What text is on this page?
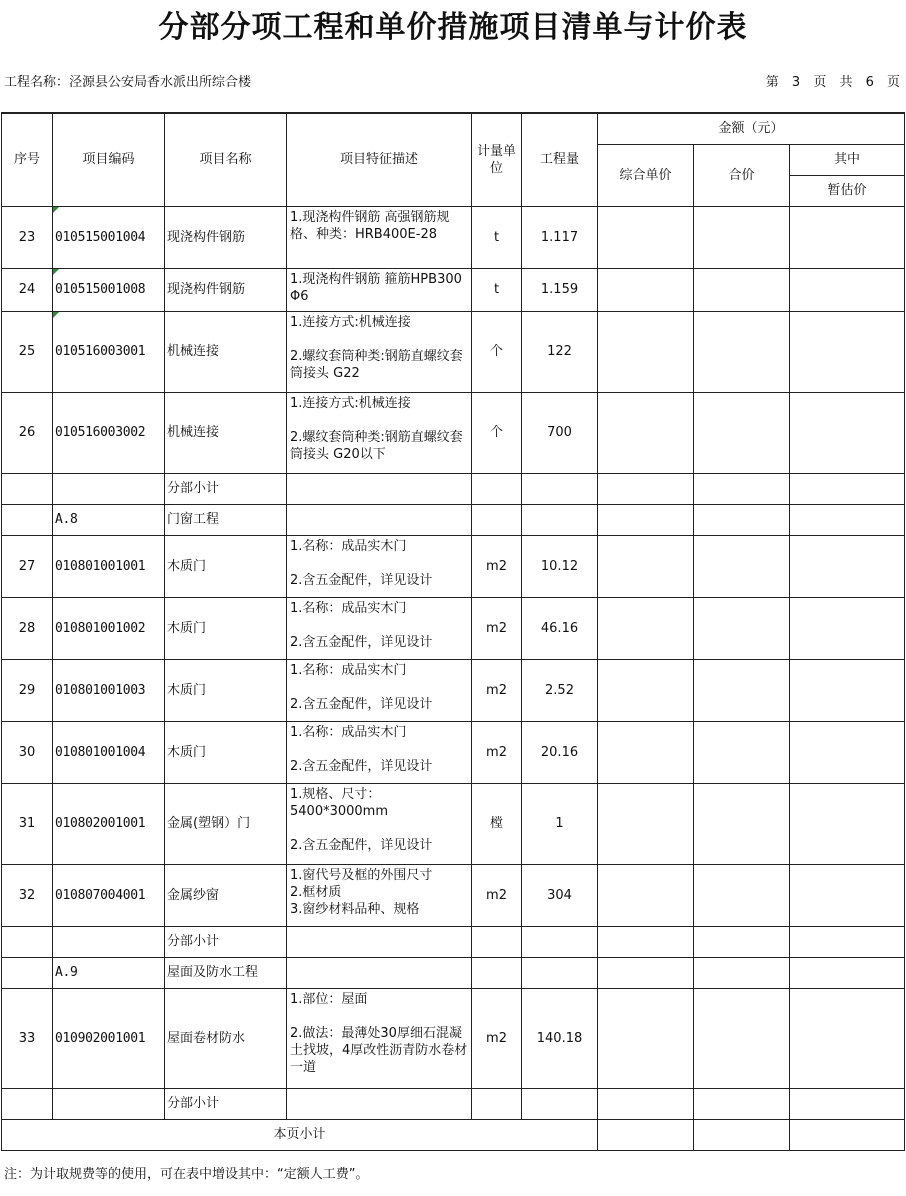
分部分项工程和单价措施项目清单与计价表
工程名称：泾源县公安局香水派出所综合楼	第 3 页 共 6 页
序号	项目编码	项目名称	项目特征描述	计量单位	工程量	金额（元）		
						综合单价	合价	其中
								暂估价
23	010515001004	现浇构件钢筋	1.现浇构件钢筋 高强钢筋规格、种类：HRB400E-28	t	1.117			
24	010515001008	现浇构件钢筋	1.现浇构件钢筋 箍筋HPB300 Φ6	t	1.159			
25	010516003001	机械连接	1.连接方式:机械连接

2.螺纹套筒种类:钢筋直螺纹套筒接头 G22	个	122			
26	010516003002	机械连接	1.连接方式:机械连接

2.螺纹套筒种类:钢筋直螺纹套筒接头 G20以下	个	700			
		分部小计						
	A.8	门窗工程						
27	010801001001	木质门	1.名称：成品实木门

2.含五金配件，详见设计	m2	10.12			
28	010801001002	木质门	1.名称：成品实木门

2.含五金配件，详见设计	m2	46.16			
29	010801001003	木质门	1.名称：成品实木门

2.含五金配件，详见设计	m2	2.52			
30	010801001004	木质门	1.名称：成品实木门

2.含五金配件，详见设计	m2	20.16			
31	010802001001	金属(塑钢）门	1.规格、尺寸：5400*3000mm

2.含五金配件，详见设计	樘	1			
32	010807004001	金属纱窗	1.窗代号及框的外围尺寸
2.框材质
3.窗纱材料品种、规格	m2	304			
		分部小计						
	A.9	屋面及防水工程						
33	010902001001	屋面卷材防水	1.部位：屋面

2.做法：最薄处30厚细石混凝土找坡，4厚改性沥青防水卷材一道	m2	140.18			
		分部小计						
本页小计								
注：为计取规费等的使用，可在表中增设其中：“定额人工费”。
